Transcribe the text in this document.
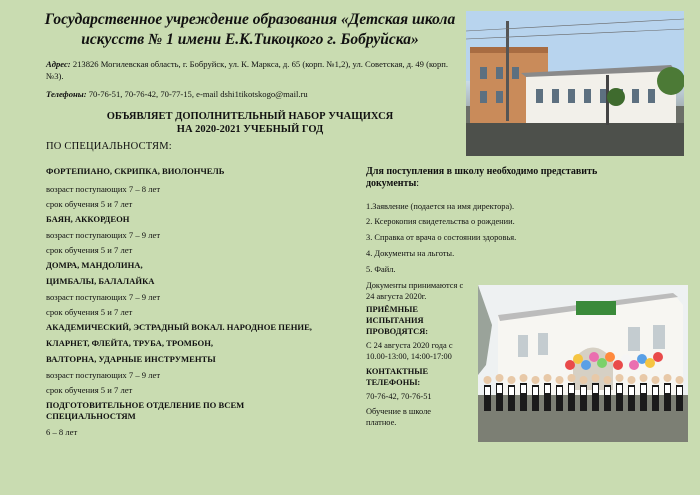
Государственное учреждение образования «Детская школа
искусств № 1 имени Е.К.Тикоцкого г. Бобруйска»
Адрес: 213826 Могилевская область, г. Бобруйск, ул. К. Маркса, д. 65 (корп. №1,2), ул. Советская, д. 49 (корп. №3).
Телефоны: 70-76-51, 70-76-42, 70-77-15, e-mail dshi1tikotskogo@mail.ru
ОБЪЯВЛЯЕТ ДОПОЛНИТЕЛЬНЫЙ НАБОР УЧАЩИХСЯ
НА 2020-2021 УЧЕБНЫЙ ГОД
ПО СПЕЦИАЛЬНОСТЯМ:
ФОРТЕПИАНО, СКРИПКА, ВИОЛОНЧЕЛЬ
возраст поступающих 7 – 8 лет
срок обучения 5 и 7 лет
БАЯН, АККОРДЕОН
возраст поступающих 7 – 9 лет
срок обучения 5 и 7 лет
ДОМРА, МАНДОЛИНА,
ЦИМБАЛЫ, БАЛАЛАЙКА
возраст поступающих 7 – 9 лет
срок обучения 5 и 7 лет
АКАДЕМИЧЕСКИЙ, ЭСТРАДНЫЙ ВОКАЛ. НАРОДНОЕ ПЕНИЕ,
КЛАРНЕТ, ФЛЕЙТА, ТРУБА, ТРОМБОН,
ВАЛТОРНА, УДАРНЫЕ ИНСТРУМЕНТЫ
возраст поступающих 7 – 9 лет
срок обучения 5 и 7 лет
ПОДГОТОВИТЕЛЬНОЕ ОТДЕЛЕНИЕ ПО ВСЕМ
СПЕЦИАЛЬНОСТЯМ
6 – 8 лет
Для поступления в школу необходимо представить
документы:
1.Заявление (подается на имя директора).
2. Ксерокопия свидетельства о рождении.
3. Справка от врача о состоянии здоровья.
4. Документы на льготы.
5. Файл.
Документы принимаются с
24 августа 2020г.
ПРИЁМНЫЕ
ИСПЫТАНИЯ
ПРОВОДЯТСЯ:
С 24 августа 2020 года с
10.00-13:00, 14:00-17:00
КОНТАКТНЫЕ
ТЕЛЕФОНЫ:
70-76-42, 70-76-51
Обучение в школе
платное.
